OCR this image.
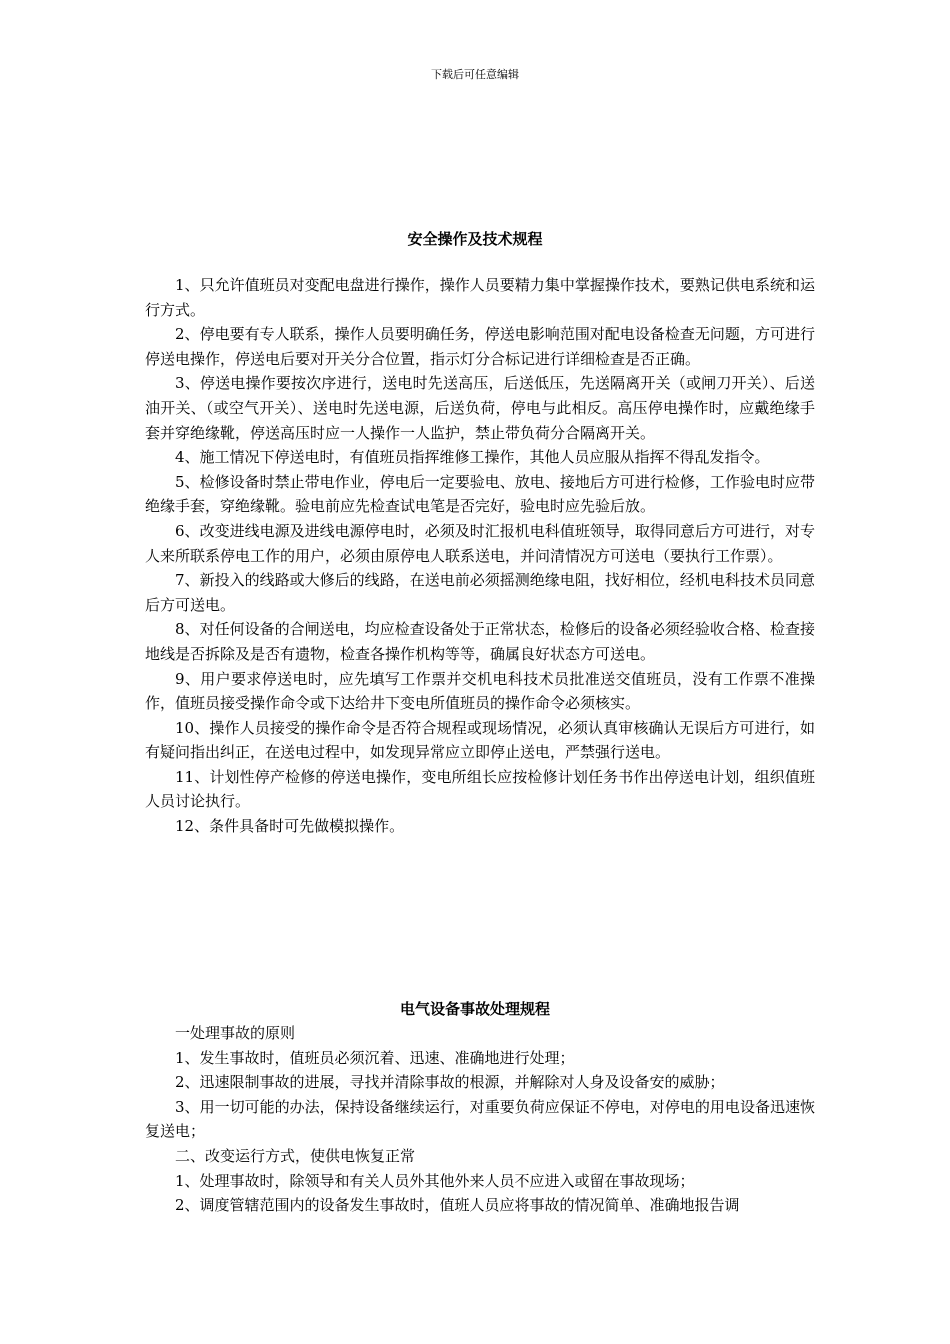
下载后可任意编辑
安全操作及技术规程

1、只允许值班员对变配电盘进行操作，操作人员要精力集中掌握操作技术，要熟记供电系统和运行方式。

2、停电要有专人联系，操作人员要明确任务，停送电影响范围对配电设备检查无问题，方可进行停送电操作，停送电后要对开关分合位置，指示灯分合标记进行详细检查是否正确。

3、停送电操作要按次序进行，送电时先送高压，后送低压，先送隔离开关（或闸刀开关）、后送油开关、（或空气开关）、送电时先送电源，后送负荷，停电与此相反。高压停电操作时，应戴绝缘手套并穿绝缘靴，停送高压时应一人操作一人监护，禁止带负荷分合隔离开关。

4、施工情况下停送电时，有值班员指挥维修工操作，其他人员应服从指挥不得乱发指令。

5、检修设备时禁止带电作业，停电后一定要验电、放电、接地后方可进行检修，工作验电时应带绝缘手套，穿绝缘靴。验电前应先检查试电笔是否完好，验电时应先验后放。

6、改变进线电源及进线电源停电时，必须及时汇报机电科值班领导，取得同意后方可进行，对专人来所联系停电工作的用户，必须由原停电人联系送电，并问清情况方可送电（要执行工作票）。

7、新投入的线路或大修后的线路，在送电前必须摇测绝缘电阻，找好相位，经机电科技术员同意后方可送电。

8、对任何设备的合闸送电，均应检查设备处于正常状态，检修后的设备必须经验收合格、检查接地线是否拆除及是否有遗物，检查各操作机构等等，确属良好状态方可送电。

9、用户要求停送电时，应先填写工作票并交机电科技术员批准送交值班员，没有工作票不准操作，值班员接受操作命令或下达给井下变电所值班员的操作命令必须核实。

10、操作人员接受的操作命令是否符合规程或现场情况，必须认真审核确认无误后方可进行，如有疑问指出纠正，在送电过程中，如发现异常应立即停止送电，严禁强行送电。

11、计划性停产检修的停送电操作，变电所组长应按检修计划任务书作出停送电计划，组织值班人员讨论执行。

12、条件具备时可先做模拟操作。

电气设备事故处理规程

一处理事故的原则

1、发生事故时，值班员必须沉着、迅速、准确地进行处理；

2、迅速限制事故的进展，寻找并清除事故的根源，并解除对人身及设备安的威胁；

3、用一切可能的办法，保持设备继续运行，对重要负荷应保证不停电，对停电的用电设备迅速恢复送电；

二、改变运行方式，使供电恢复正常

1、处理事故时，除领导和有关人员外其他外来人员不应进入或留在事故现场；

2、调度管辖范围内的设备发生事故时，值班人员应将事故的情况简单、准确地报告调
